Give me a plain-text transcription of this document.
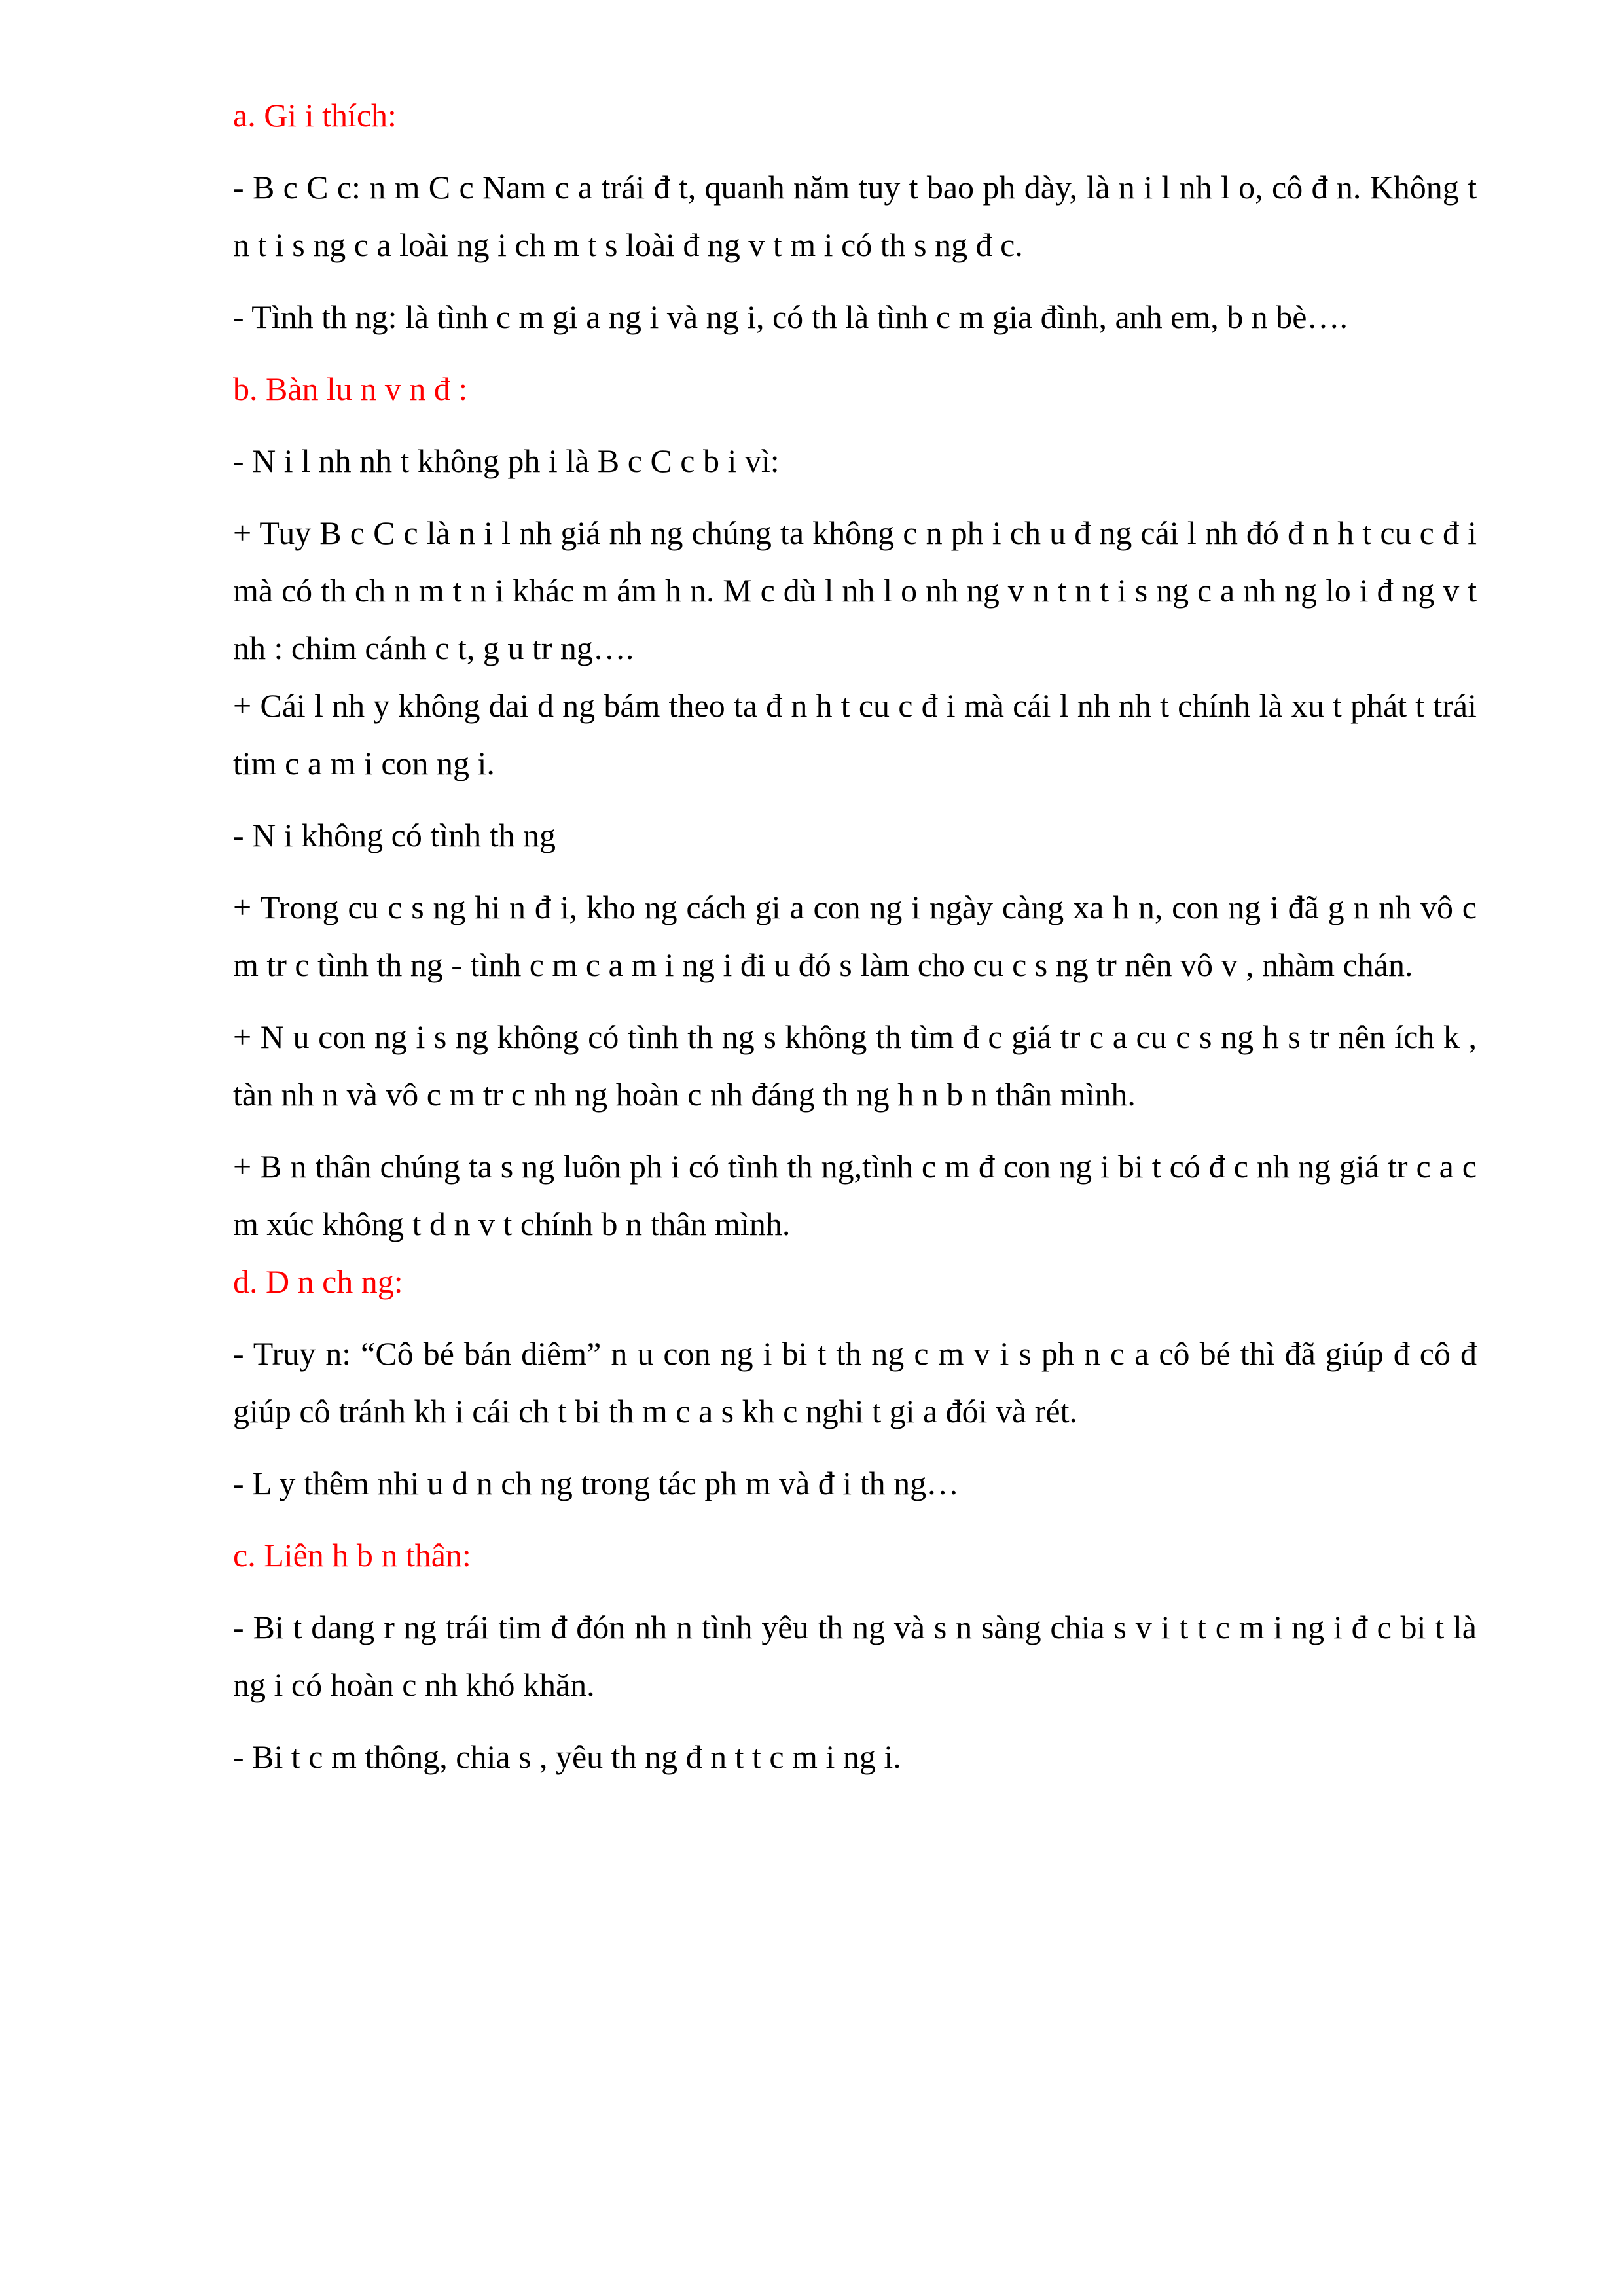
a. Gi i thích:
- B c C c: n m C c Nam c a trái đ t, quanh năm tuy t bao ph dày, là n i l nh l o, cô đ n. Không t n t i s ng c a loài ng i ch m t s loài đ ng v t m i có th s ng đ c.
- Tình th ng: là tình c m gi a ng i và ng i, có th là tình c m gia đình, anh em, b n bè….
b. Bàn lu n v n đ :
- N i l nh nh t không ph i là B c C c b i vì:
+ Tuy B c C c là n i l nh giá nh ng chúng ta không c n ph i ch u đ ng cái l nh đó đ n h t cu c đ i mà có th ch n m t n i khác m ám h n. M c dù l nh l o nh ng v n t n t i s ng c a nh ng lo i đ ng v t nh : chim cánh c t, g u tr ng….
+ Cái l nh y không dai d ng bám theo ta đ n h t cu c đ i mà cái l nh nh t chính là xu t phát t trái tim c a m i con ng i.
- N i không có tình th ng
+ Trong cu c s ng hi n đ i, kho ng cách gi a con ng i ngày càng xa h n, con ng i đã g n nh vô c m tr c tình th ng - tình c m c a m i ng i đi u đó s làm cho cu c s ng tr nên vô v , nhàm chán.
+ N u con ng i s ng không có tình th ng s không th tìm đ c giá tr c a cu c s ng h s tr nên ích k , tàn nh n và vô c m tr c nh ng hoàn c nh đáng th ng h n b n thân mình.
+ B n thân chúng ta s ng luôn ph i có tình th ng,tình c m đ con ng i bi t có đ c nh ng giá tr c a c m xúc không t d n v t chính b n thân mình.
d. D n ch ng:
- Truy n: “Cô bé bán diêm” n u con ng i bi t th ng c m v i s ph n c a cô bé thì đã giúp đ cô đ giúp cô tránh kh i cái ch t bi th m c a s kh c nghi t gi a đói và rét.
- L y thêm nhi u d n ch ng trong tác ph m và đ i th ng…
c. Liên h b n thân:
- Bi t dang r ng trái tim đ đón nh n tình yêu th ng và s n sàng chia s v i t t c m i ng i đ c bi t là ng i có hoàn c nh khó khăn.
- Bi t c m thông, chia s , yêu th ng đ n t t c m i ng i.
